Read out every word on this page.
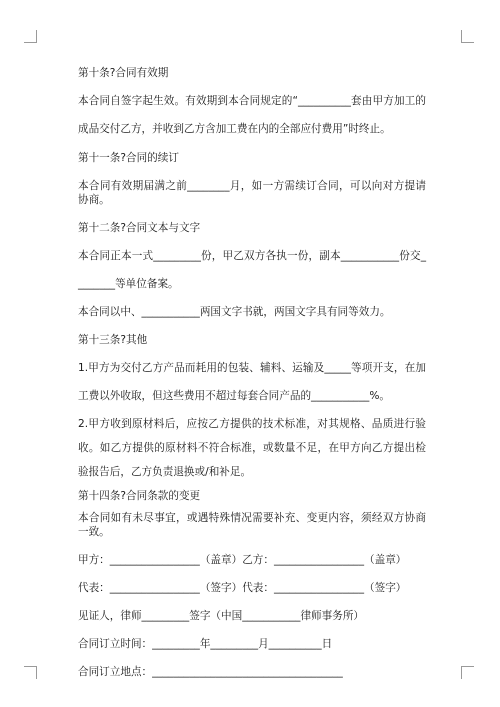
第十条?合同有效期

本合同自签字起生效。有效期到本合同规定的“__________套由甲方加工的成品交付乙方，并收到乙方含加工费在内的全部应付费用”时终止。

第十一条?合同的续订

本合同有效期届满之前________月，如一方需续订合同，可以向对方提请协商。

第十二条?合同文本与文字

本合同正本一式_________份，甲乙双方各执一份，副本___________份交________等单位备案。

本合同以中、___________两国文字书就，两国文字具有同等效力。

第十三条?其他

1.甲方为交付乙方产品而耗用的包装、辅料、运输及_____等项开支，在加工费以外收取，但这些费用不超过每套合同产品的___________%。

2.甲方收到原材料后，应按乙方提供的技术标准，对其规格、品质进行验收。如乙方提供的原材料不符合标准，或数量不足，在甲方向乙方提出检验报告后，乙方负责退换或/和补足。

第十四条?合同条款的变更

本合同如有未尽事宜，或遇特殊情况需要补充、变更内容，须经双方协商一致。

甲方：_________________（盖章）乙方：_________________（盖章）

代表：_________________（签字）代表：_________________（签字）

见证人，律师_________签字（中国___________律师事务所）

合同订立时间：_________年_________月__________日

合同订立地点：____________________________________
